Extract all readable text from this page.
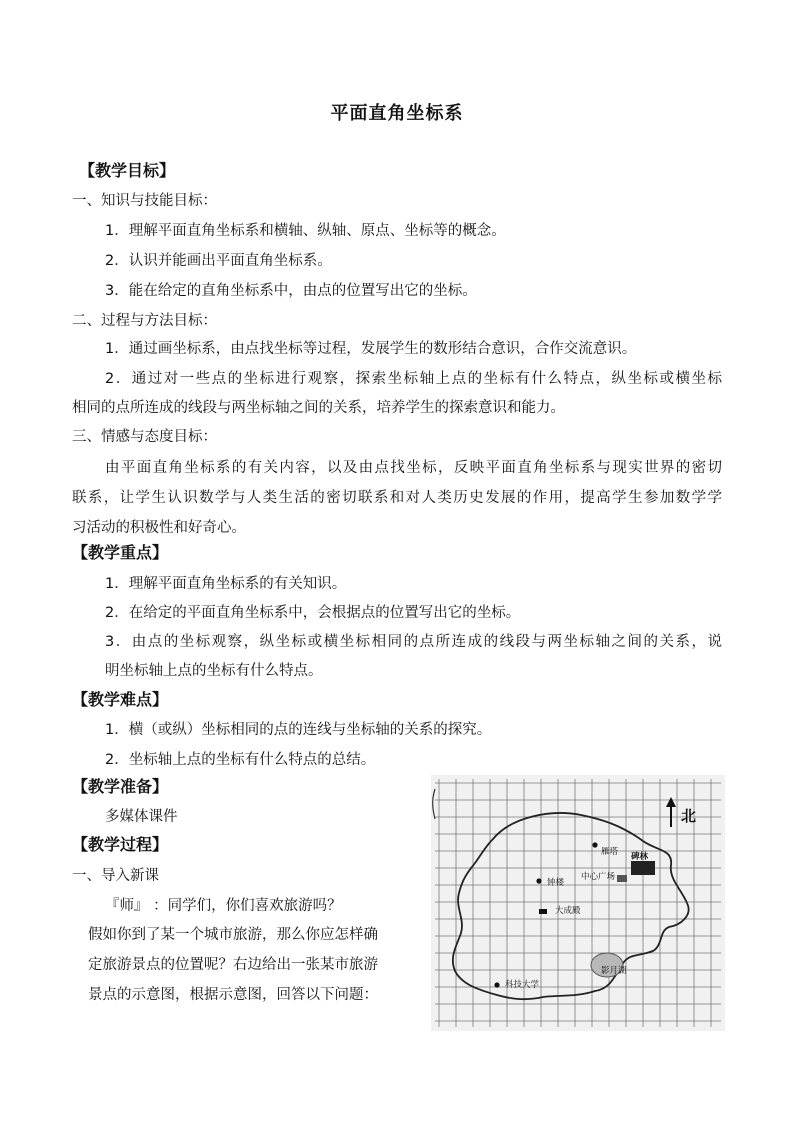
平面直角坐标系
【教学目标】
一、知识与技能目标：
1．理解平面直角坐标系和横轴、纵轴、原点、坐标等的概念。
2．认识并能画出平面直角坐标系。
3．能在给定的直角坐标系中，由点的位置写出它的坐标。
二、过程与方法目标：
1．通过画坐标系，由点找坐标等过程，发展学生的数形结合意识，合作交流意识。
2．通过对一些点的坐标进行观察，探索坐标轴上点的坐标有什么特点，纵坐标或横坐标
相同的点所连成的线段与两坐标轴之间的关系，培养学生的探索意识和能力。
三、情感与态度目标：
由平面直角坐标系的有关内容，以及由点找坐标，反映平面直角坐标系与现实世界的密切
联系，让学生认识数学与人类生活的密切联系和对人类历史发展的作用，提高学生参加数学学
习活动的积极性和好奇心。
【教学重点】
1．理解平面直角坐标系的有关知识。
2．在给定的平面直角坐标系中，会根据点的位置写出它的坐标。
3．由点的坐标观察，纵坐标或横坐标相同的点所连成的线段与两坐标轴之间的关系，说
明坐标轴上点的坐标有什么特点。
【教学难点】
1．横（或纵）坐标相同的点的连线与坐标轴的关系的探究。
2．坐标轴上点的坐标有什么特点的总结。
【教学准备】
多媒体课件
【教学过程】
一、导入新课
『师』 ：同学们，你们喜欢旅游吗？
假如你到了某一个城市旅游，那么你应怎样确
定旅游景点的位置呢？右边给出一张某市旅游
景点的示意图，根据示意图，回答以下问题：
北
雁塔 碑林
钟楼
中心广场
大成殿
影月湖
科技大学
